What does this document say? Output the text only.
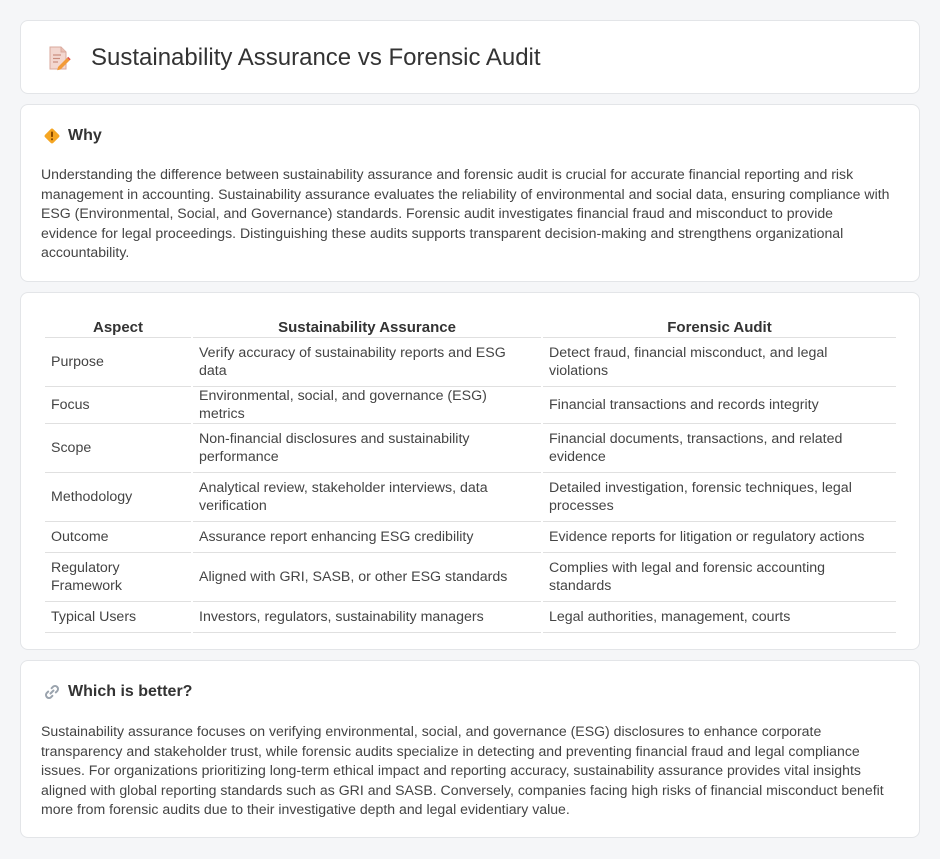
Sustainability Assurance vs Forensic Audit
Why

Understanding the difference between sustainability assurance and forensic audit is crucial for accurate financial reporting and risk management in accounting. Sustainability assurance evaluates the reliability of environmental and social data, ensuring compliance with ESG (Environmental, Social, and Governance) standards. Forensic audit investigates financial fraud and misconduct to provide evidence for legal proceedings. Distinguishing these audits supports transparent decision-making and strengthens organizational accountability.

Aspect	Sustainability Assurance	Forensic Audit
Purpose	Verify accuracy of sustainability reports and ESG data	Detect fraud, financial misconduct, and legal violations
Focus	Environmental, social, and governance (ESG) metrics	Financial transactions and records integrity
Scope	Non-financial disclosures and sustainability performance	Financial documents, transactions, and related evidence
Methodology	Analytical review, stakeholder interviews, data verification	Detailed investigation, forensic techniques, legal processes
Outcome	Assurance report enhancing ESG credibility	Evidence reports for litigation or regulatory actions
Regulatory Framework	Aligned with GRI, SASB, or other ESG standards	Complies with legal and forensic accounting standards
Typical Users	Investors, regulators, sustainability managers	Legal authorities, management, courts
Which is better?

Sustainability assurance focuses on verifying environmental, social, and governance (ESG) disclosures to enhance corporate transparency and stakeholder trust, while forensic audits specialize in detecting and preventing financial fraud and legal compliance issues. For organizations prioritizing long-term ethical impact and reporting accuracy, sustainability assurance provides vital insights aligned with global reporting standards such as GRI and SASB. Conversely, companies facing high risks of financial misconduct benefit more from forensic audits due to their investigative depth and legal evidentiary value.
